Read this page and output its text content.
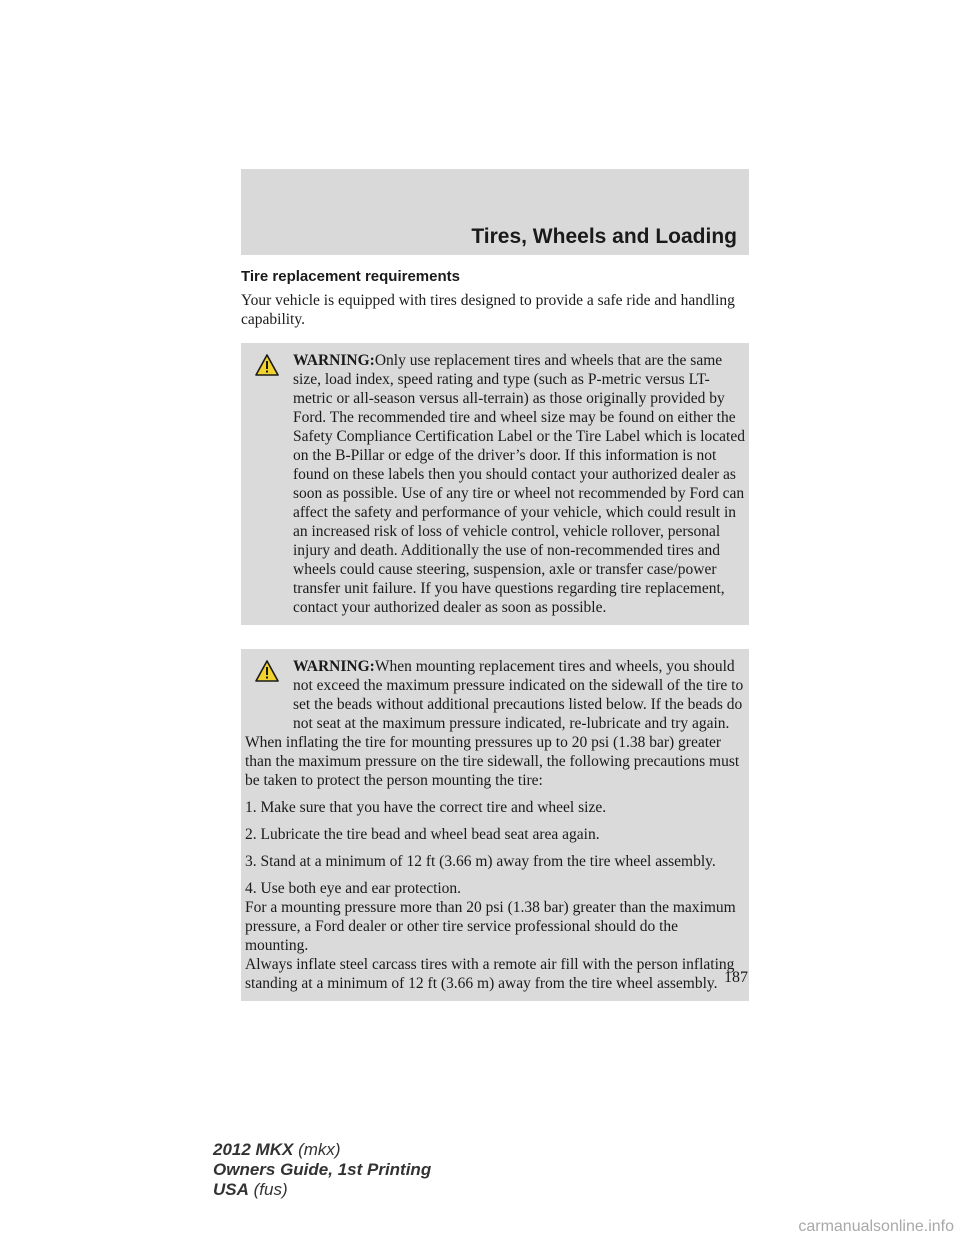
Tires, Wheels and Loading
Tire replacement requirements

Your vehicle is equipped with tires designed to provide a safe ride and handling capability.

WARNING:Only use replacement tires and wheels that are the same size, load index, speed rating and type (such as P-metric versus LT-metric or all-season versus all-terrain) as those originally provided by Ford. The recommended tire and wheel size may be found on either the Safety Compliance Certification Label or the Tire Label which is located on the B-Pillar or edge of the driver’s door. If this information is not found on these labels then you should contact your authorized dealer as soon as possible. Use of any tire or wheel not recommended by Ford can affect the safety and performance of your vehicle, which could result in an increased risk of loss of vehicle control, vehicle rollover, personal injury and death. Additionally the use of non-recommended tires and wheels could cause steering, suspension, axle or transfer case/power transfer unit failure. If you have questions regarding tire replacement, contact your authorized dealer as soon as possible.

WARNING:When mounting replacement tires and wheels, you should not exceed the maximum pressure indicated on the sidewall of the tire to set the beads without additional precautions listed below. If the beads do not seat at the maximum pressure indicated, re-lubricate and try again.

When inflating the tire for mounting pressures up to 20 psi (1.38 bar) greater than the maximum pressure on the tire sidewall, the following precautions must be taken to protect the person mounting the tire:

1. Make sure that you have the correct tire and wheel size.

2. Lubricate the tire bead and wheel bead seat area again.

3. Stand at a minimum of 12 ft (3.66 m) away from the tire wheel assembly.

4. Use both eye and ear protection.

For a mounting pressure more than 20 psi (1.38 bar) greater than the maximum pressure, a Ford dealer or other tire service professional should do the mounting.

Always inflate steel carcass tires with a remote air fill with the person inflating standing at a minimum of 12 ft (3.66 m) away from the tire wheel assembly. 187

2012 MKX (mkx)
Owners Guide, 1st Printing
USA (fus)
carmanualsonline.info
